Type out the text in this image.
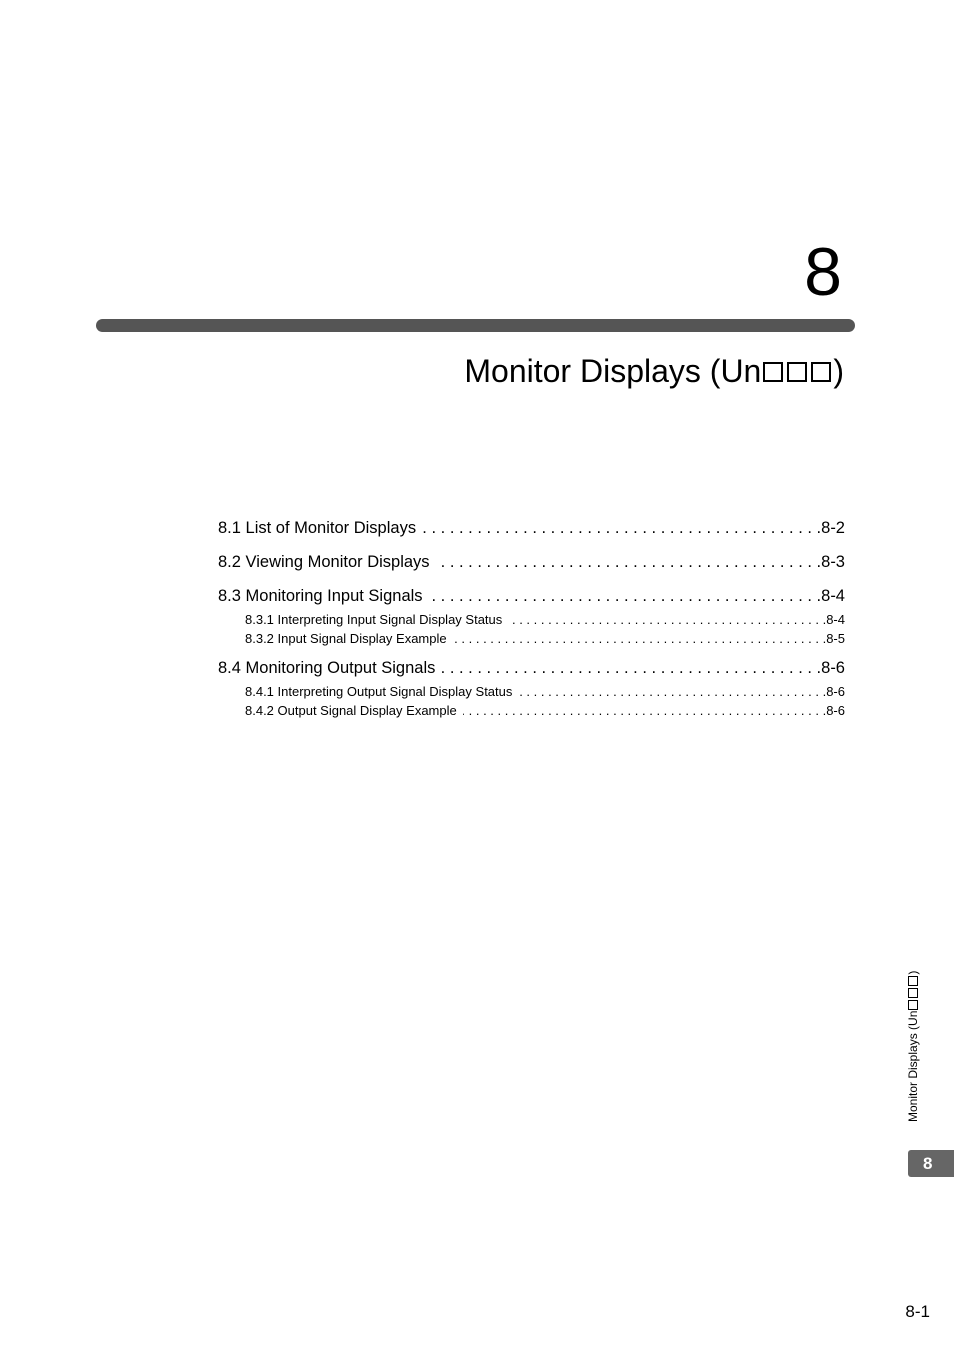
8
Monitor Displays (Un )
8.1 List of Monitor Displays . . .	8-2
8.2 Viewing Monitor Displays . . .	8-3
8.3 Monitoring Input Signals . . .	8-4
8.3.1 Interpreting Input Signal Display Status . . .	8-4
8.3.2 Input Signal Display Example . . .	8-5
8.4 Monitoring Output Signals . . .	8-6
8.4.1 Interpreting Output Signal Display Status . . .	8-6
8.4.2 Output Signal Display Example . . .	8-6
Monitor Displays (Un)
8
8-1
